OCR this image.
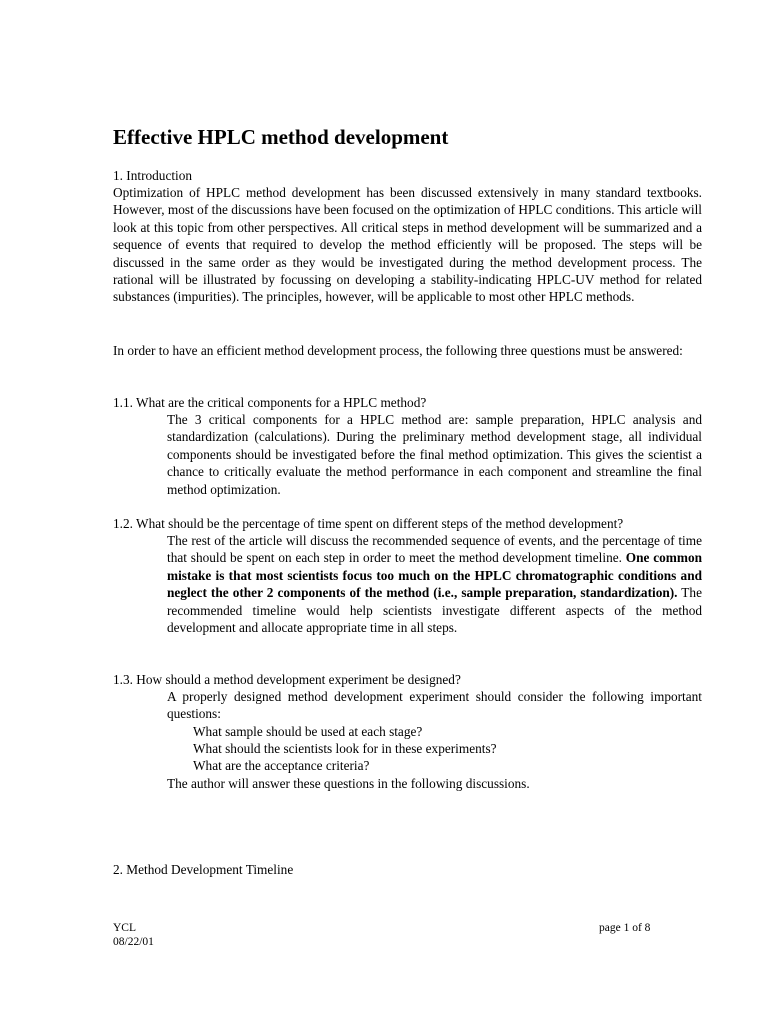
Effective HPLC method development
1. Introduction
Optimization of HPLC method development has been discussed extensively in many standard textbooks. However, most of the discussions have been focused on the optimization of HPLC conditions. This article will look at this topic from other perspectives. All critical steps in method development will be summarized and a sequence of events that required to develop the method efficiently will be proposed. The steps will be discussed in the same order as they would be investigated during the method development process. The rational will be illustrated by focussing on developing a stability-indicating HPLC-UV method for related substances (impurities). The principles, however, will be applicable to most other HPLC methods.
In order to have an efficient method development process, the following three questions must be answered:
1.1. What are the critical components for a HPLC method?
The 3 critical components for a HPLC method are: sample preparation, HPLC analysis and standardization (calculations). During the preliminary method development stage, all individual components should be investigated before the final method optimization. This gives the scientist a chance to critically evaluate the method performance in each component and streamline the final method optimization.
1.2. What should be the percentage of time spent on different steps of the method development?
The rest of the article will discuss the recommended sequence of events, and the percentage of time that should be spent on each step in order to meet the method development timeline. One common mistake is that most scientists focus too much on the HPLC chromatographic conditions and neglect the other 2 components of the method (i.e., sample preparation, standardization). The recommended timeline would help scientists investigate different aspects of the method development and allocate appropriate time in all steps.
1.3. How should a method development experiment be designed?
A properly designed method development experiment should consider the following important questions:
What sample should be used at each stage?
What should the scientists look for in these experiments?
What are the acceptance criteria?
The author will answer these questions in the following discussions.
2. Method Development Timeline
YCL
08/22/01
page 1 of 8
